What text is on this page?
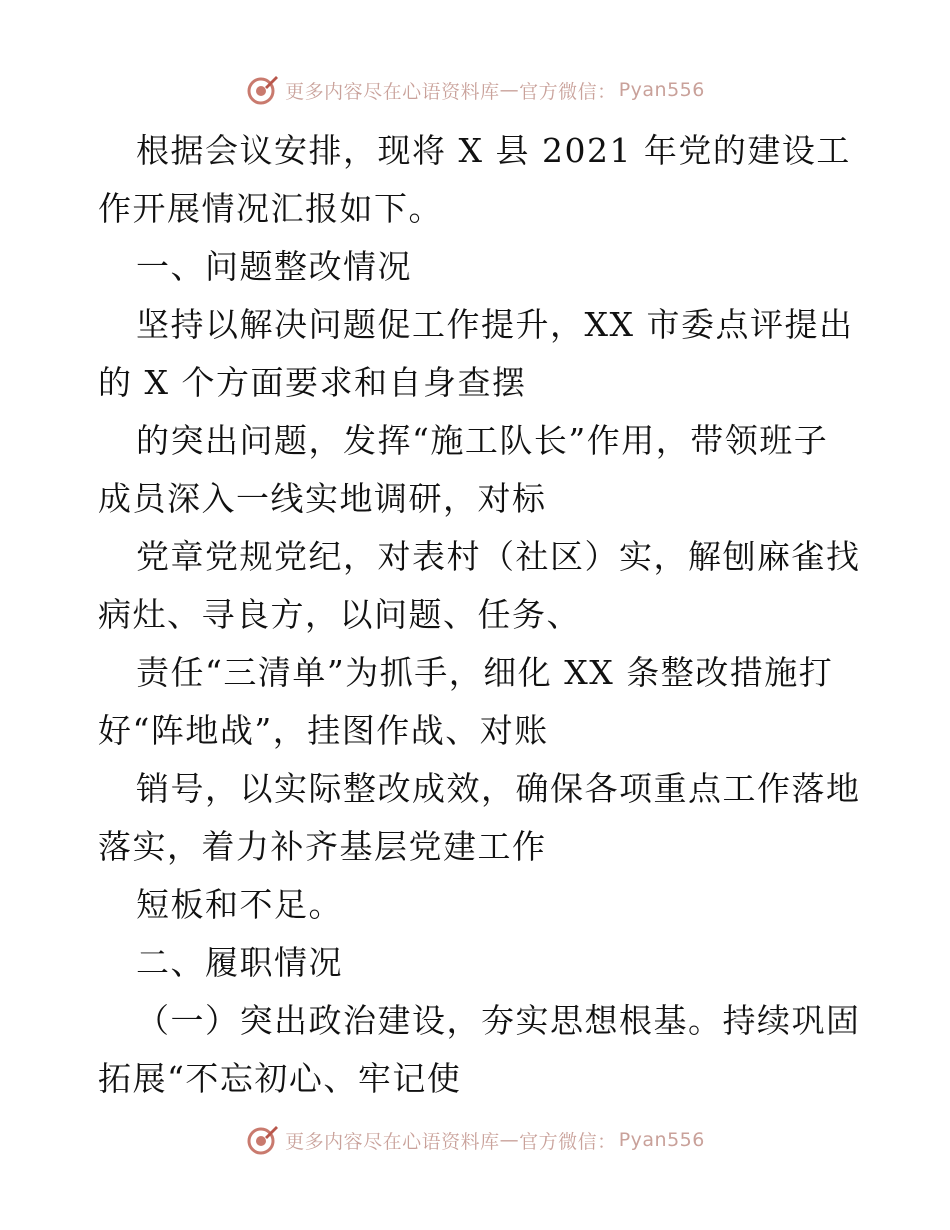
更多内容尽在心语资料库 — 官方微信： Pyan556
根据会议安排，现将 X 县 2021 年党的建设工
作开展情况汇报如下。
一、问题整改情况
坚持以解决问题促工作提升，XX 市委点评提出
的 X 个方面要求和自身查摆
的突出问题，发挥“施工队长”作用，带领班子
成员深入一线实地调研，对标
党章党规党纪，对表村（社区）实，解刨麻雀找
病灶、寻良方，以问题、任务、
责任“三清单”为抓手，细化 XX 条整改措施打
好“阵地战”，挂图作战、对账
销号，以实际整改成效，确保各项重点工作落地
落实，着力补齐基层党建工作
短板和不足。
二、履职情况
（一）突出政治建设，夯实思想根基。持续巩固
拓展“不忘初心、牢记使
更多内容尽在心语资料库 — 官方微信： Pyan556
